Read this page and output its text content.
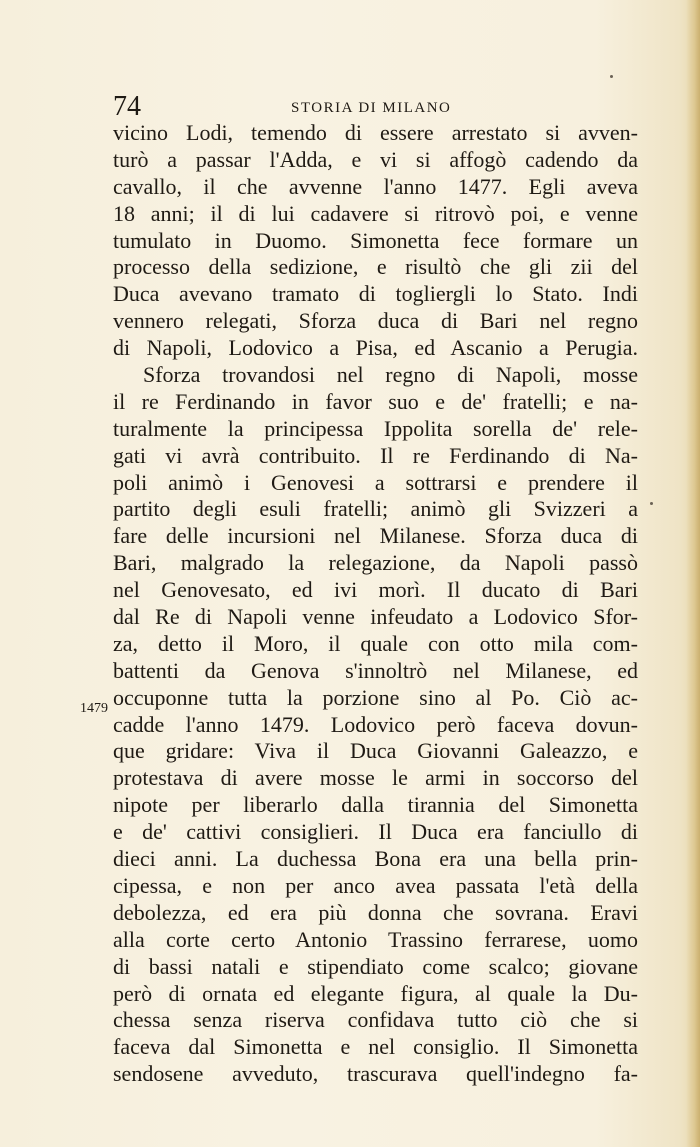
74	STORIA DI MILANO
1479
vicino Lodi, temendo di essere arrestato si avven-
turò a passar l'Adda, e vi si affogò cadendo da
cavallo, il che avvenne l'anno 1477. Egli aveva
18 anni; il di lui cadavere si ritrovò poi, e venne
tumulato in Duomo. Simonetta fece formare un
processo della sedizione, e risultò che gli zii del
Duca avevano tramato di togliergli lo Stato. Indi
vennero relegati, Sforza duca di Bari nel regno
di Napoli, Lodovico a Pisa, ed Ascanio a Perugia.
Sforza trovandosi nel regno di Napoli, mosse
il re Ferdinando in favor suo e de' fratelli; e na-
turalmente la principessa Ippolita sorella de' rele-
gati vi avrà contribuito. Il re Ferdinando di Na-
poli animò i Genovesi a sottrarsi e prendere il
partito degli esuli fratelli; animò gli Svizzeri a
fare delle incursioni nel Milanese. Sforza duca di
Bari, malgrado la relegazione, da Napoli passò
nel Genovesato, ed ivi morì. Il ducato di Bari
dal Re di Napoli venne infeudato a Lodovico Sfor-
za, detto il Moro, il quale con otto mila com-
battenti da Genova s'innoltrò nel Milanese, ed
occuponne tutta la porzione sino al Po. Ciò ac-
cadde l'anno 1479. Lodovico però faceva dovun-
que gridare: Viva il Duca Giovanni Galeazzo, e
protestava di avere mosse le armi in soccorso del
nipote per liberarlo dalla tirannia del Simonetta
e de' cattivi consiglieri. Il Duca era fanciullo di
dieci anni. La duchessa Bona era una bella prin-
cipessa, e non per anco avea passata l'età della
debolezza, ed era più donna che sovrana. Eravi
alla corte certo Antonio Trassino ferrarese, uomo
di bassi natali e stipendiato come scalco; giovane
però di ornata ed elegante figura, al quale la Du-
chessa senza riserva confidava tutto ciò che si
faceva dal Simonetta e nel consiglio. Il Simonetta
sendosene avveduto, trascurava quell'indegno fa-
